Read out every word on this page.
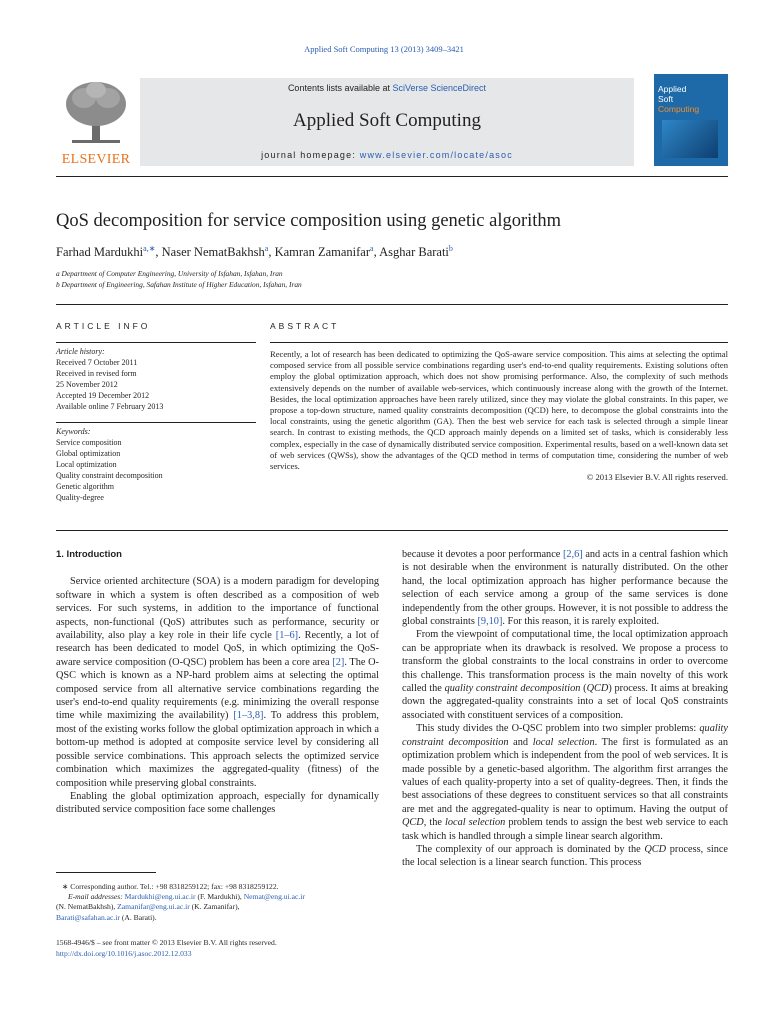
Applied Soft Computing 13 (2013) 3409–3421
ELSEVIER
Contents lists available at SciVerse ScienceDirect
Applied Soft Computing
journal homepage: www.elsevier.com/locate/asoc
Applied
Soft
Computing
QoS decomposition for service composition using genetic algorithm
Farhad Mardukhi$^{a,∗}$, Naser NematBakhsh$^a$, Kamran Zamanifar$^a$, Asghar Barati$^b$
a Department of Computer Engineering, University of Isfahan, Isfahan, Iran
b Department of Engineering, Safahan Institute of Higher Education, Isfahan, Iran
ARTICLE INFO
Article history:
Received 7 October 2011
Received in revised form
25 November 2012
Accepted 19 December 2012
Available online 7 February 2013
Keywords:
Service composition
Global optimization
Local optimization
Quality constraint decomposition
Genetic algorithm
Quality-degree
ABSTRACT
Recently, a lot of research has been dedicated to optimizing the QoS-aware service composition. This aims at selecting the optimal composed service from all possible service combinations regarding user's end-to-end quality requirements. Existing solutions often employ the global optimization approach, which does not show promising performance. Also, the complexity of such methods extensively depends on the number of available web-services, which continuously increase along with the growth of the Internet. Besides, the local optimization approaches have been rarely utilized, since they may violate the global constraints. In this paper, we propose a top-down structure, named quality constraints decomposition (QCD) here, to decompose the global constraints into the local constraints, using the genetic algorithm (GA). Then the best web service for each task is selected through a simple linear search. In contrast to existing methods, the QCD approach mainly depends on a limited set of tasks, which is considerably less complex, especially in the case of dynamically distributed service composition. Experimental results, based on a well-known data set of web services (QWSs), show the advantages of the QCD method in terms of computation time, considering the number of web services.
© 2013 Elsevier B.V. All rights reserved.
1. Introduction

Service oriented architecture (SOA) is a modern paradigm for developing software in which a system is often described as a composition of web services. For such systems, in addition to the importance of functional aspects, non-functional (QoS) attributes such as performance, security or availability, also play a key role in their life cycle [1–6]. Recently, a lot of research has been dedicated to model QoS, in which optimizing the QoS-aware service composition (O-QSC) problem has been a core area [2]. The O-QSC which is known as a NP-hard problem aims at selecting the optimal composed service from all alternative service combinations regarding the user's end-to-end quality requirements (e.g. minimizing the overall response time while maximizing the availability) [1–3,8]. To address this problem, most of the existing works follow the global optimization approach in which a bottom-up method is adopted at composite service level by considering all possible service combinations. This approach selects the optimized service combination which maximizes the aggregated-quality (fitness) of the composition while preserving global constraints.

Enabling the global optimization approach, especially for dynamically distributed service composition face some challenges

∗ Corresponding author. Tel.: +98 8318259122; fax: +98 8318259122.
E-mail addresses: Mardukhi@eng.ui.ac.ir (F. Mardukhi), Nemat@eng.ui.ac.ir
(N. NematBakhsh), Zamanifar@eng.ui.ac.ir (K. Zamanifar),
Barati@safahan.ac.ir (A. Barati).
1568-4946/$ – see front matter © 2013 Elsevier B.V. All rights reserved.
http://dx.doi.org/10.1016/j.asoc.2012.12.033

because it devotes a poor performance [2,6] and acts in a central fashion which is not desirable when the environment is naturally distributed. On the other hand, the local optimization approach has higher performance because the selection of each service among a group of the same services is done independently from the other groups. However, it is not possible to address the global constraints [9,10]. For this reason, it is rarely exploited.

From the viewpoint of computational time, the local optimization approach can be appropriate when its drawback is resolved. We propose a process to transform the global constraints to the local constrains in order to overcome this challenge. This transformation process is the main novelty of this work called the quality constraint decomposition (QCD) process. It aims at breaking down the aggregated-quality constraints into a set of local QoS constraints associated with constituent services of a composition.

This study divides the O-QSC problem into two simpler problems: quality constraint decomposition and local selection. The first is formulated as an optimization problem which is independent from the pool of web services. It is made possible by a genetic-based algorithm. The algorithm first arranges the values of each quality-property into a set of quality-degrees. Then, it finds the best associations of these degrees to constituent services so that all constraints are met and the aggregated-quality is near to optimum. Having the output of QCD, the local selection problem tends to assign the best web service to each task which is handled through a simple linear search algorithm.

The complexity of our approach is dominated by the QCD process, since the local selection is a linear search function. This process
